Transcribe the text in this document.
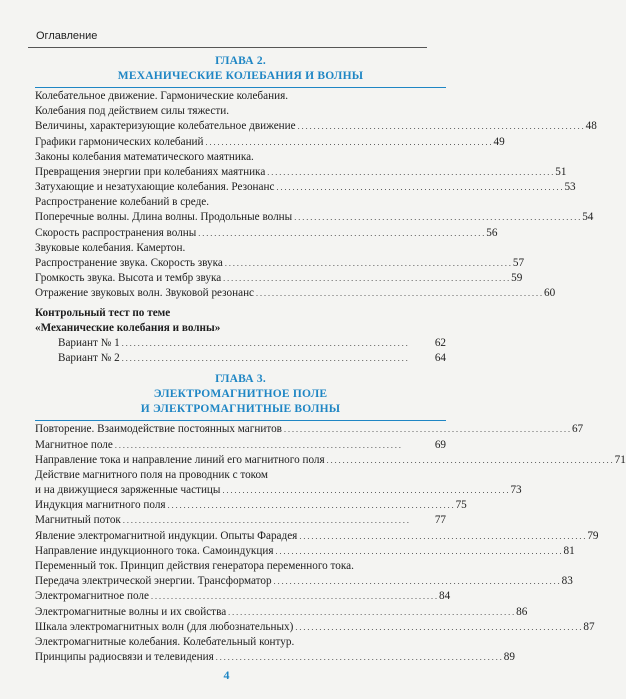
Оглавление
ГЛАВА 2.
МЕХАНИЧЕСКИЕ КОЛЕБАНИЯ И ВОЛНЫ
Колебательное движение. Гармонические колебания.
Колебания под действием силы тяжести.
Величины, характеризующие колебательное движение . . .	48
Графики гармонических колебаний . . .	49
Законы колебания математического маятника.
Превращения энергии при колебаниях маятника . . .	51
Затухающие и незатухающие колебания. Резонанс . . .	53
Распространение колебаний в среде.
Поперечные волны. Длина волны. Продольные волны . . .	54
Скорость распространения волны . . .	56
Звуковые колебания. Камертон.
Распространение звука. Скорость звука . . .	57
Громкость звука. Высота и тембр звука . . .	59
Отражение звуковых волн. Звуковой резонанс . . .	60
Контрольный тест по теме
«Механические колебания и волны»
Вариант № 1 . . .	62
Вариант № 2 . . .	64
ГЛАВА 3.
ЭЛЕКТРОМАГНИТНОЕ ПОЛЕ
И ЭЛЕКТРОМАГНИТНЫЕ ВОЛНЫ
Повторение. Взаимодействие постоянных магнитов . . .	67
Магнитное поле . . .	69
Направление тока и направление линий его магнитного поля . . .	71
Действие магнитного поля на проводник с током
и на движущиеся заряженные частицы . . .	73
Индукция магнитного поля . . .	75
Магнитный поток . . .	77
Явление электромагнитной индукции. Опыты Фарадея . . .	79
Направление индукционного тока. Самоиндукция . . .	81
Переменный ток. Принцип действия генератора переменного тока.
Передача электрической энергии. Трансформатор . . .	83
Электромагнитное поле . . .	84
Электромагнитные волны и их свойства . . .	86
Шкала электромагнитных волн (для любознательных) . . .	87
Электромагнитные колебания. Колебательный контур.
Принципы радиосвязи и телевидения . . .	89
4
